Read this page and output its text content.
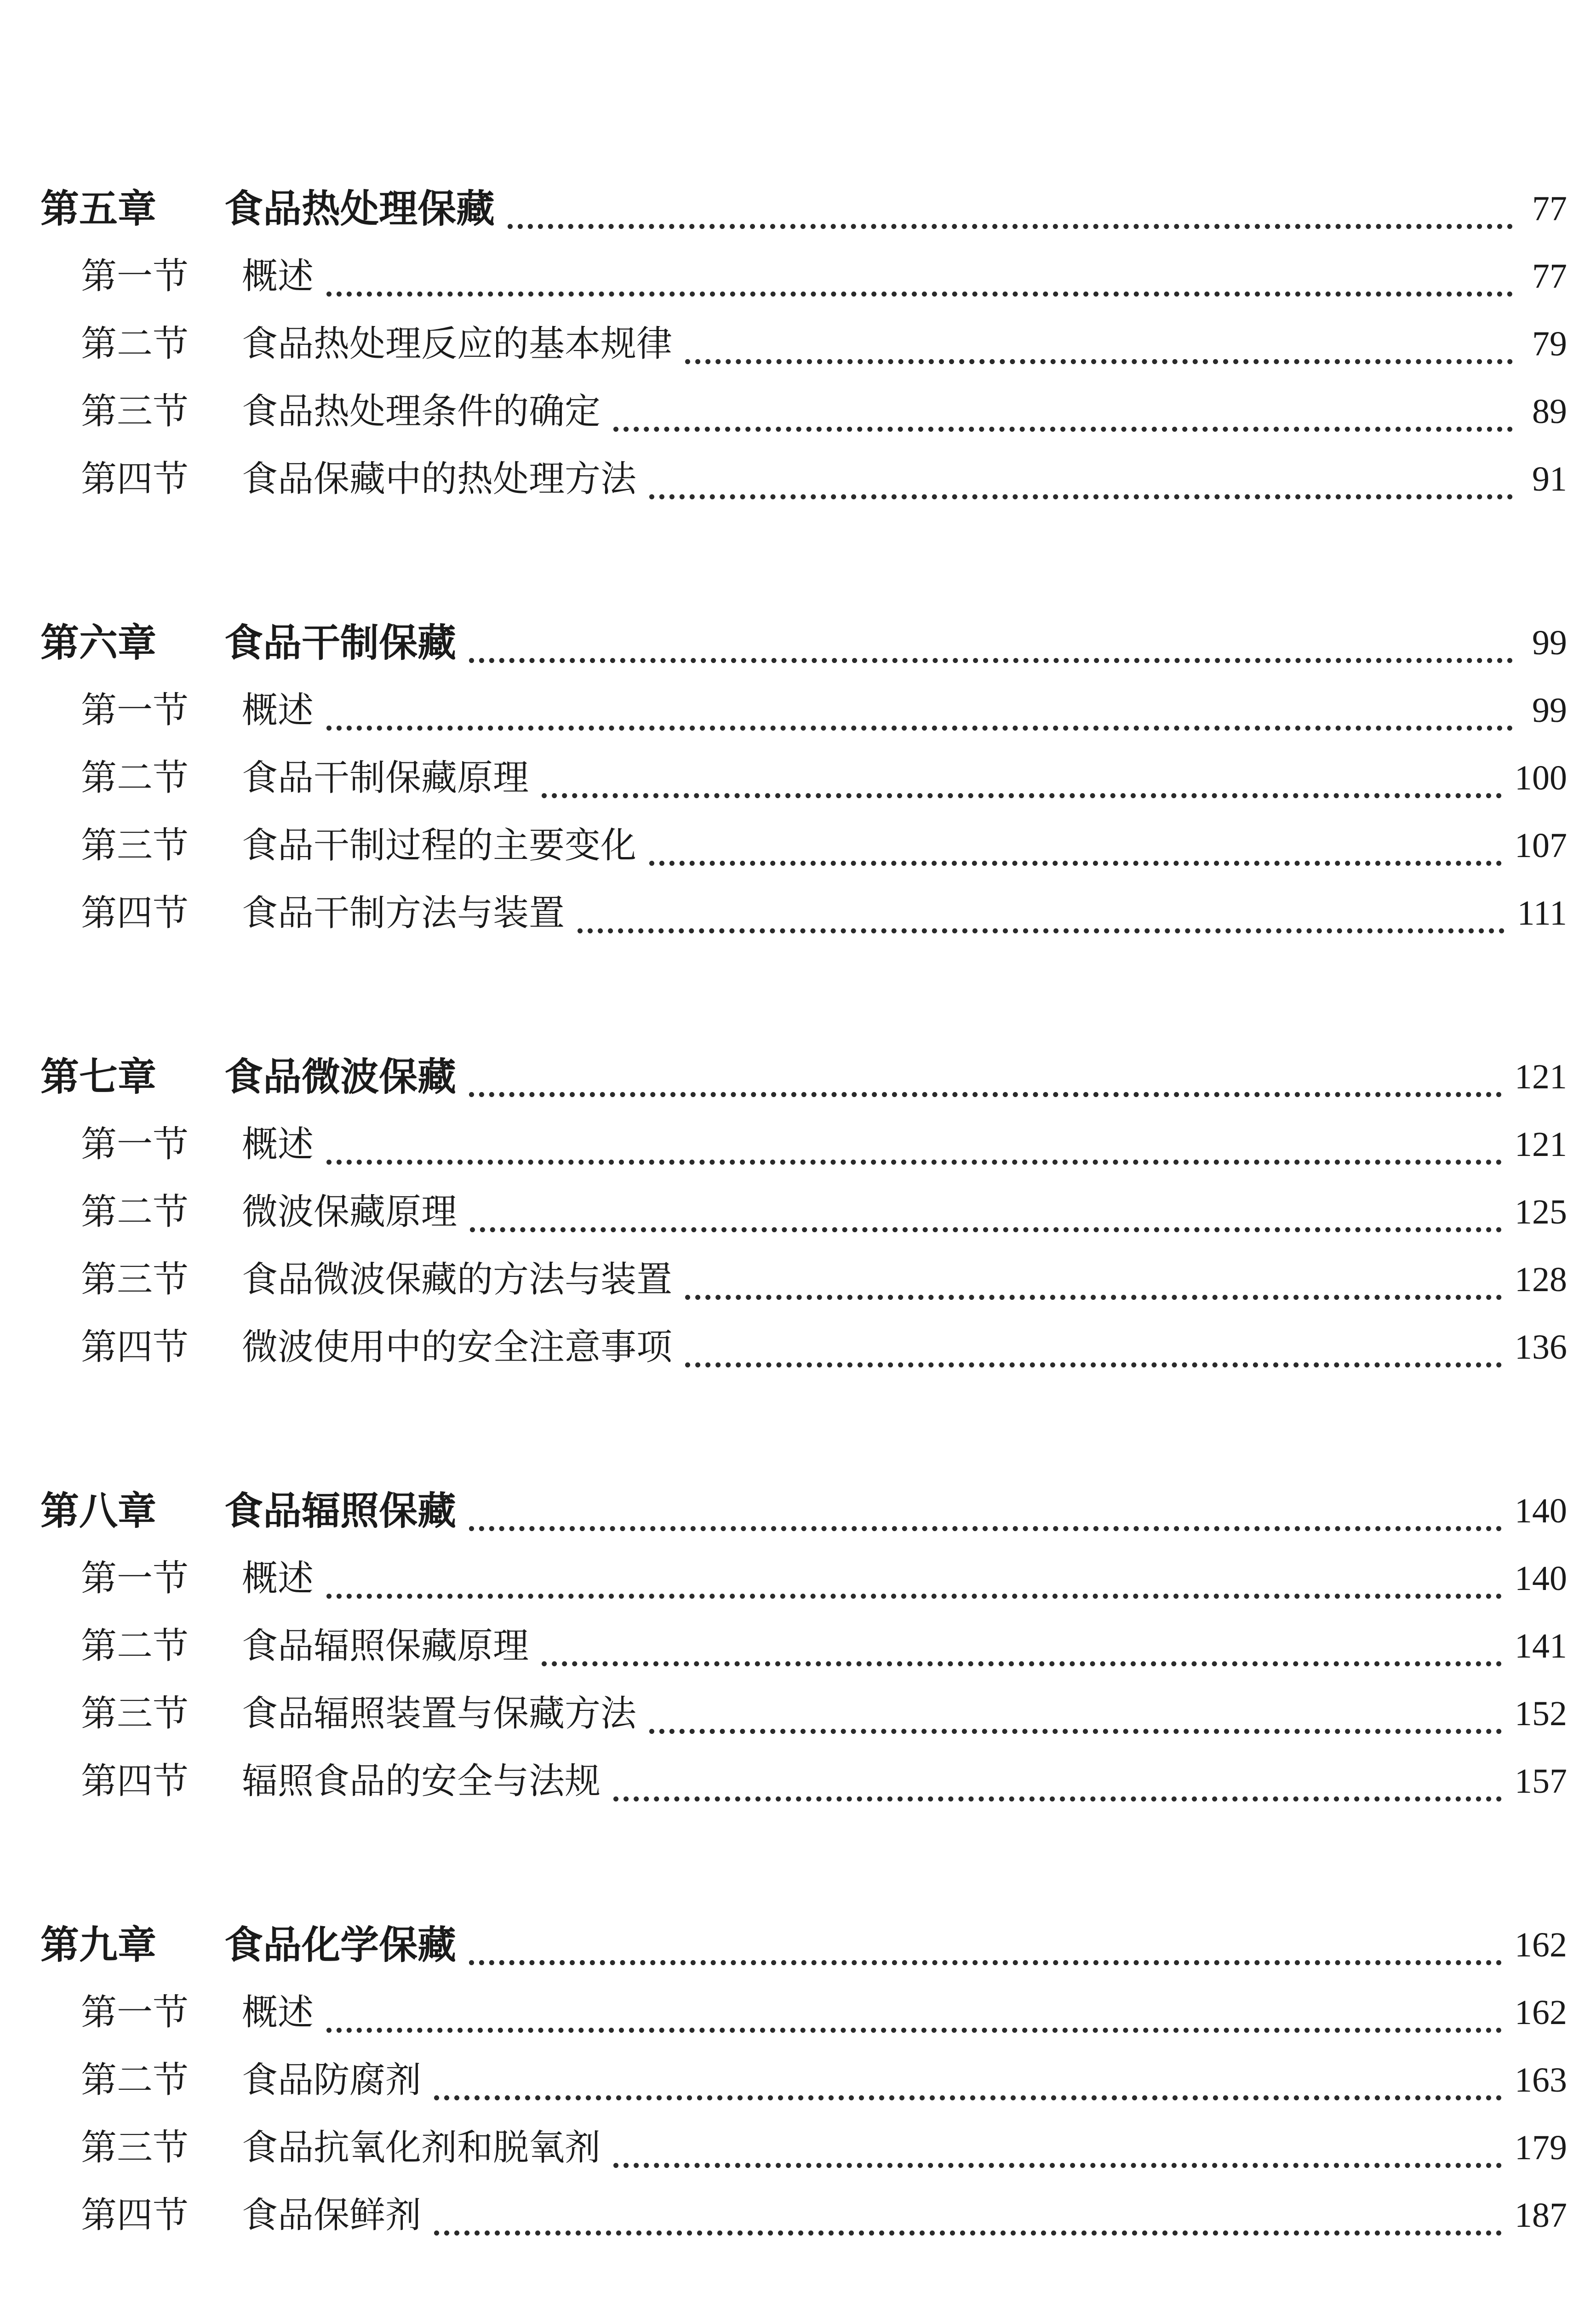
第五章	食品热处理保藏	77
第一节	概述	77
第二节	食品热处理反应的基本规律	79
第三节	食品热处理条件的确定	89
第四节	食品保藏中的热处理方法	91
第六章	食品干制保藏	99
第一节	概述	99
第二节	食品干制保藏原理	100
第三节	食品干制过程的主要变化	107
第四节	食品干制方法与装置	111
第七章	食品微波保藏	121
第一节	概述	121
第二节	微波保藏原理	125
第三节	食品微波保藏的方法与装置	128
第四节	微波使用中的安全注意事项	136
第八章	食品辐照保藏	140
第一节	概述	140
第二节	食品辐照保藏原理	141
第三节	食品辐照装置与保藏方法	152
第四节	辐照食品的安全与法规	157
第九章	食品化学保藏	162
第一节	概述	162
第二节	食品防腐剂	163
第三节	食品抗氧化剂和脱氧剂	179
第四节	食品保鲜剂	187
